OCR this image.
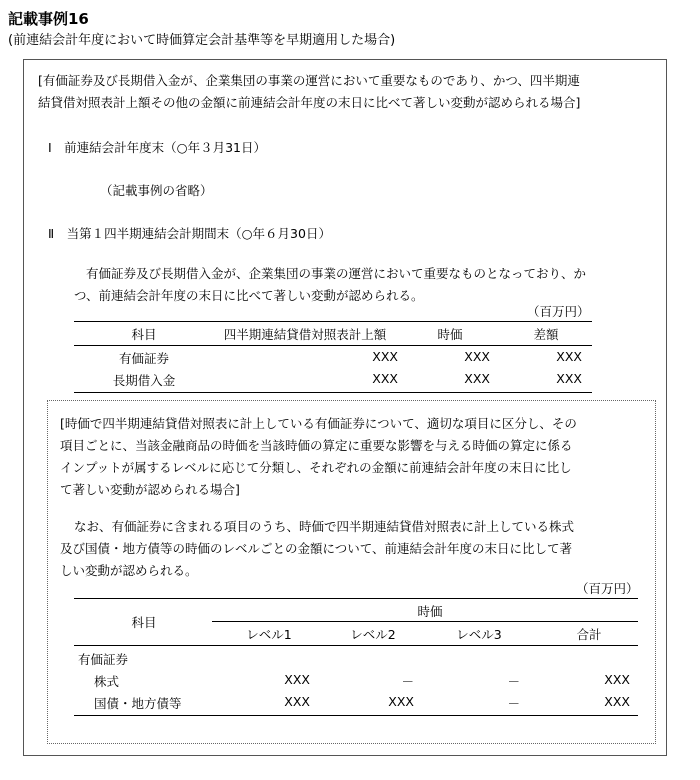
記載事例16
(前連結会計年度において時価算定会計基準等を早期適用した場合)
[有価証券及び長期借入金が、企業集団の事業の運営において重要なものであり、かつ、四半期連
結貸借対照表計上額その他の金額に前連結会計年度の末日に比べて著しい変動が認められる場合]
Ⅰ　前連結会計年度末（○年３月31日）
（記載事例の省略）
Ⅱ　当第１四半期連結会計期間末（○年６月30日）
有価証券及び長期借入金が、企業集団の事業の運営において重要なものとなっており、か
つ、前連結会計年度の末日に比べて著しい変動が認められる。
（百万円）
科目	四半期連結貸借対照表計上額	時価	差額
有価証券	XXX	XXX	XXX
長期借入金	XXX	XXX	XXX
[時価で四半期連結貸借対照表に計上している有価証券について、適切な項目に区分し、その
項目ごとに、当該金融商品の時価を当該時価の算定に重要な影響を与える時価の算定に係る
インプットが属するレベルに応じて分類し、それぞれの金額に前連結会計年度の末日に比し
て著しい変動が認められる場合]
なお、有価証券に含まれる項目のうち、時価で四半期連結貸借対照表に計上している株式
及び国債・地方債等の時価のレベルごとの金額について、前連結会計年度の末日に比して著
しい変動が認められる。
（百万円）
科目
時価
レベル1	レベル2	レベル3	合計
有価証券
株式	XXX	－	－	XXX
国債・地方債等	XXX	XXX	－	XXX
